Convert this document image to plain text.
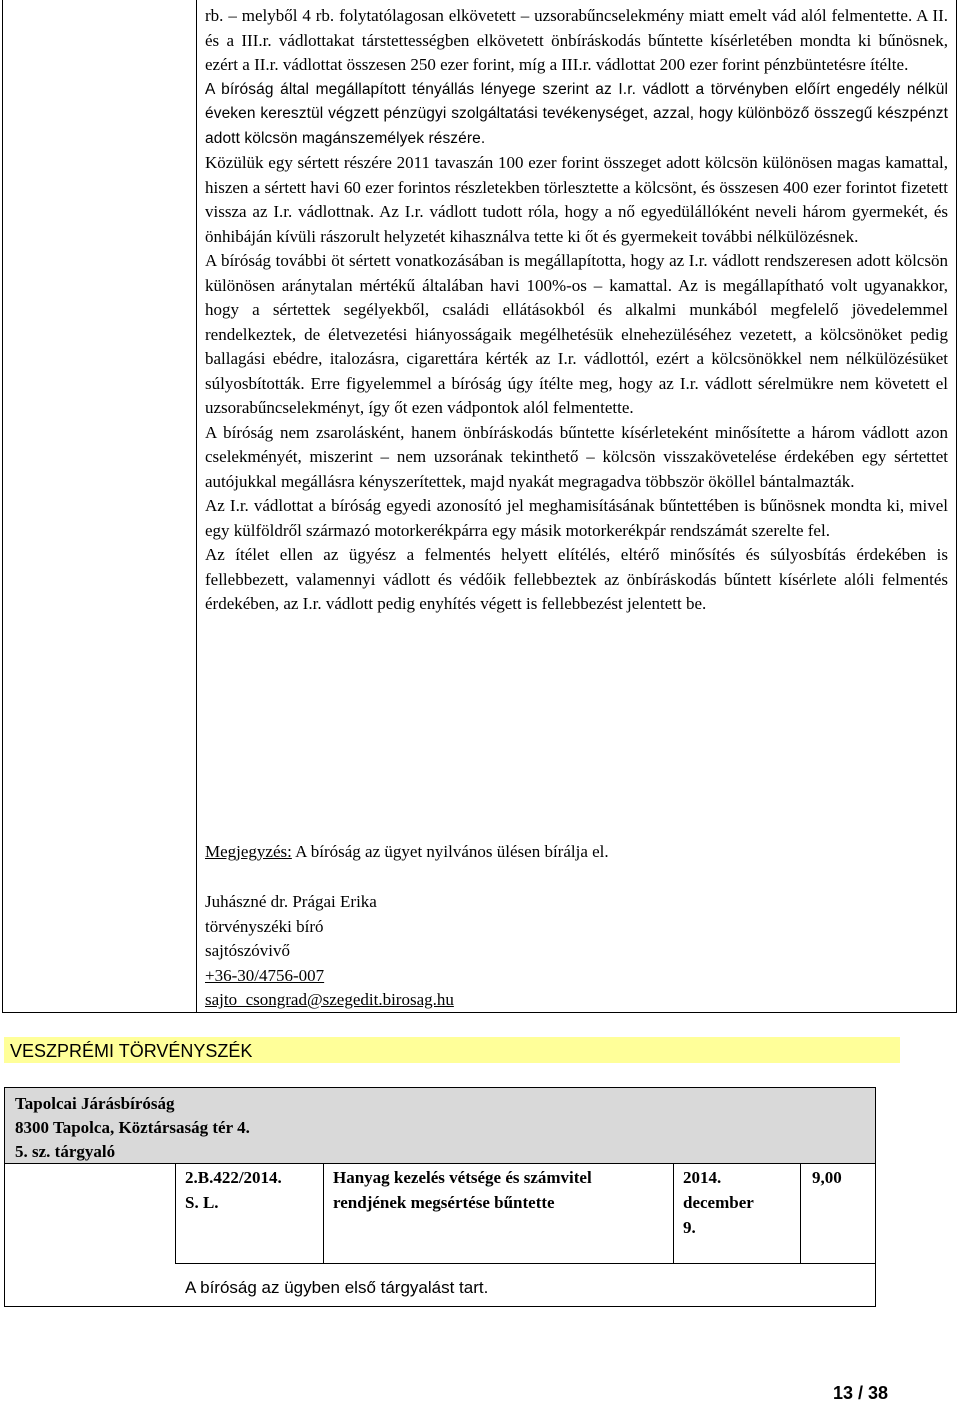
rb. – melyből 4 rb. folytatólagosan elkövetett – uzsorabűncselekmény miatt emelt vád alól felmentette. A II. és a III.r. vádlottakat társtettességben elkövetett önbíráskodás bűntette kísérletében mondta ki bűnösnek, ezért a II.r. vádlottat összesen 250 ezer forint, míg a III.r. vádlottat 200 ezer forint pénzbüntetésre ítélte.

A bíróság által megállapított tényállás lényege szerint az I.r. vádlott a törvényben előírt engedély nélkül éveken keresztül végzett pénzügyi szolgáltatási tevékenységet, azzal, hogy különböző összegű készpénzt adott kölcsön magánszemélyek részére.

Közülük egy sértett részére 2011 tavaszán 100 ezer forint összeget adott kölcsön különösen magas kamattal, hiszen a sértett havi 60 ezer forintos részletekben törlesztette a kölcsönt, és összesen 400 ezer forintot fizetett vissza az I.r. vádlottnak. Az I.r. vádlott tudott róla, hogy a nő egyedülállóként neveli három gyermekét, és önhibáján kívüli rászorult helyzetét kihasználva tette ki őt és gyermekeit további nélkülözésnek.

A bíróság további öt sértett vonatkozásában is megállapította, hogy az I.r. vádlott rendszeresen adott kölcsön különösen aránytalan mértékű általában havi 100%-os – kamattal. Az is megállapítható volt ugyanakkor, hogy a sértettek segélyekből, családi ellátásokból és alkalmi munkából megfelelő jövedelemmel rendelkeztek, de életvezetési hiányosságaik megélhetésük elnehezüléséhez vezetett, a kölcsönöket pedig ballagási ebédre, italozásra, cigarettára kérték az I.r. vádlottól, ezért a kölcsönökkel nem nélkülözésüket súlyosbították. Erre figyelemmel a bíróság úgy ítélte meg, hogy az I.r. vádlott sérelmükre nem követett el uzsorabűncselekményt, így őt ezen vádpontok alól felmentette.

A bíróság nem zsarolásként, hanem önbíráskodás bűntette kísérleteként minősítette a három vádlott azon cselekményét, miszerint – nem uzsorának tekinthető – kölcsön visszakövetelése érdekében egy sértettet autójukkal megállásra kényszerítettek, majd nyakát megragadva többször ököllel bántalmazták.

Az I.r. vádlottat a bíróság egyedi azonosító jel meghamisításának bűntettében is bűnösnek mondta ki, mivel egy külföldről származó motorkerékpárra egy másik motorkerékpár rendszámát szerelte fel.

Az ítélet ellen az ügyész a felmentés helyett elítélés, eltérő minősítés és súlyosbítás érdekében is fellebbezett, valamennyi vádlott és védőik fellebbeztek az önbíráskodás bűntett kísérlete alóli felmentés érdekében, az I.r. vádlott pedig enyhítés végett is fellebbezést jelentett be.

Megjegyzés: A bíróság az ügyet nyilvános ülésen bírálja el.
Juhászné dr. Prágai Erika
törvényszéki bíró
sajtószóvivő
+36-30/4756-007
sajto_csongrad@szegedit.birosag.hu
VESZPRÉMI TÖRVÉNYSZÉK
Tapolcai Járásbíróság
8300 Tapolca, Köztársaság tér 4.
5. sz. tárgyaló
2.B.422/2014.
S. L.
Hanyag kezelés vétsége és számvitel rendjének megsértése bűntette
2014.
december
9.
9,00
A bíróság az ügyben első tárgyalást tart.
13 / 38
